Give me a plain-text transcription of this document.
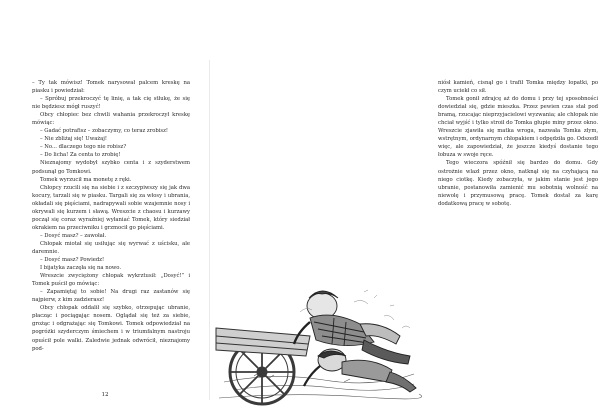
– Ty tak mówisz! Tomek narysował palcem kreskę na piasku i powiedział:

– Spróbuj przekroczyć tę linię, a tak cię stłukę, że się nie będziesz mógł ruszyć!

Obcy chłopiec bez chwili wahania przekroczył kreskę mówiąc:

– Gadać potrafisz – zobaczymy, co teraz zrobisz!

– Nie zbliżaj się! Uważaj!

– No... dlaczego tego nie robisz?

– Do licha! Za centa to zrobię!

Nieznajomy wydobył szybko centa i z szyderstwem podsunął go Tomkowi.

Tomek wyrzucił ma monetę z ręki.

Chłopcy rzucili się na siebie i z szczypiwszy się jak dwa kocury, tarzali się w piasku. Targali się za włosy i ubrania, okładali się pięściami, nadrapywali sobie wzajemnie nosy i okrywali się kurzem i sławą. Wreszcie z chaosu i kurzawy począł się coraz wyraźniej wyłaniać Tomek, który siedział okrakiem na przeciwniku i grzmocił go pięściami.

– Dosyć masz? – zawołał.

Chłopak miotał się usiłując się wyrwać z uścisku, ale daremnie.

– Dosyć masz? Powiedz!

I bijatyka zaczęła się na nowo.

Wreszcie zwyciężony chłopak wykrztusił: „Dosyć!” i Tomek puścił go mówiąc:

– Zapamiętaj to sobie! Na drugi raz zastanów się najpierw, z kim zadzierasz!

Obcy chłopak oddalił się szybko, otrzepując ubranie, płacząc i pociągając nosem. Oglądał się też za siebie, grożąc i odgrażając się Tomkowi. Tomek odpowiedział na pogróżki szyderczym śmiechem i w triumfalnym nastroju opuścił pole walki. Zaledwie jednak odwrócił, nieznajomy pod-

12

niósł kamień, cisnął go i trafił Tomka między łopatki, po czym uciekł co sił.

Tomek gonił zdrajcę aż do domu i przy tej sposobności dowiedział się, gdzie mieszka. Przez pewien czas stał pod bramą, rzucając nieprzyjacielowi wyzwania; ale chłopak nie chciał wyjść i tylko stroił do Tomka głupie miny przez okno. Wreszcie zjawiła się matka wroga, nazwała Tomka złym, wstrętnym, ordynarnym chłopakiem i odpędziła go. Odszedł więc, ale zapowiedział, że jeszcze kiedyś dostanie tego łobuza w swoje ręce.

Tego wieczora spóźnił się bardzo do domu. Gdy ostrożnie wlazł przez okno, natknął się na czyhającą na niego ciotkę. Kiedy zobaczyła, w jakim stanie jest jego ubranie, postanowiła zamienić mu sobotnią wolność na niewolę i przymusową pracę. Tomek dostał za karę dodatkową pracę w sobotę.
